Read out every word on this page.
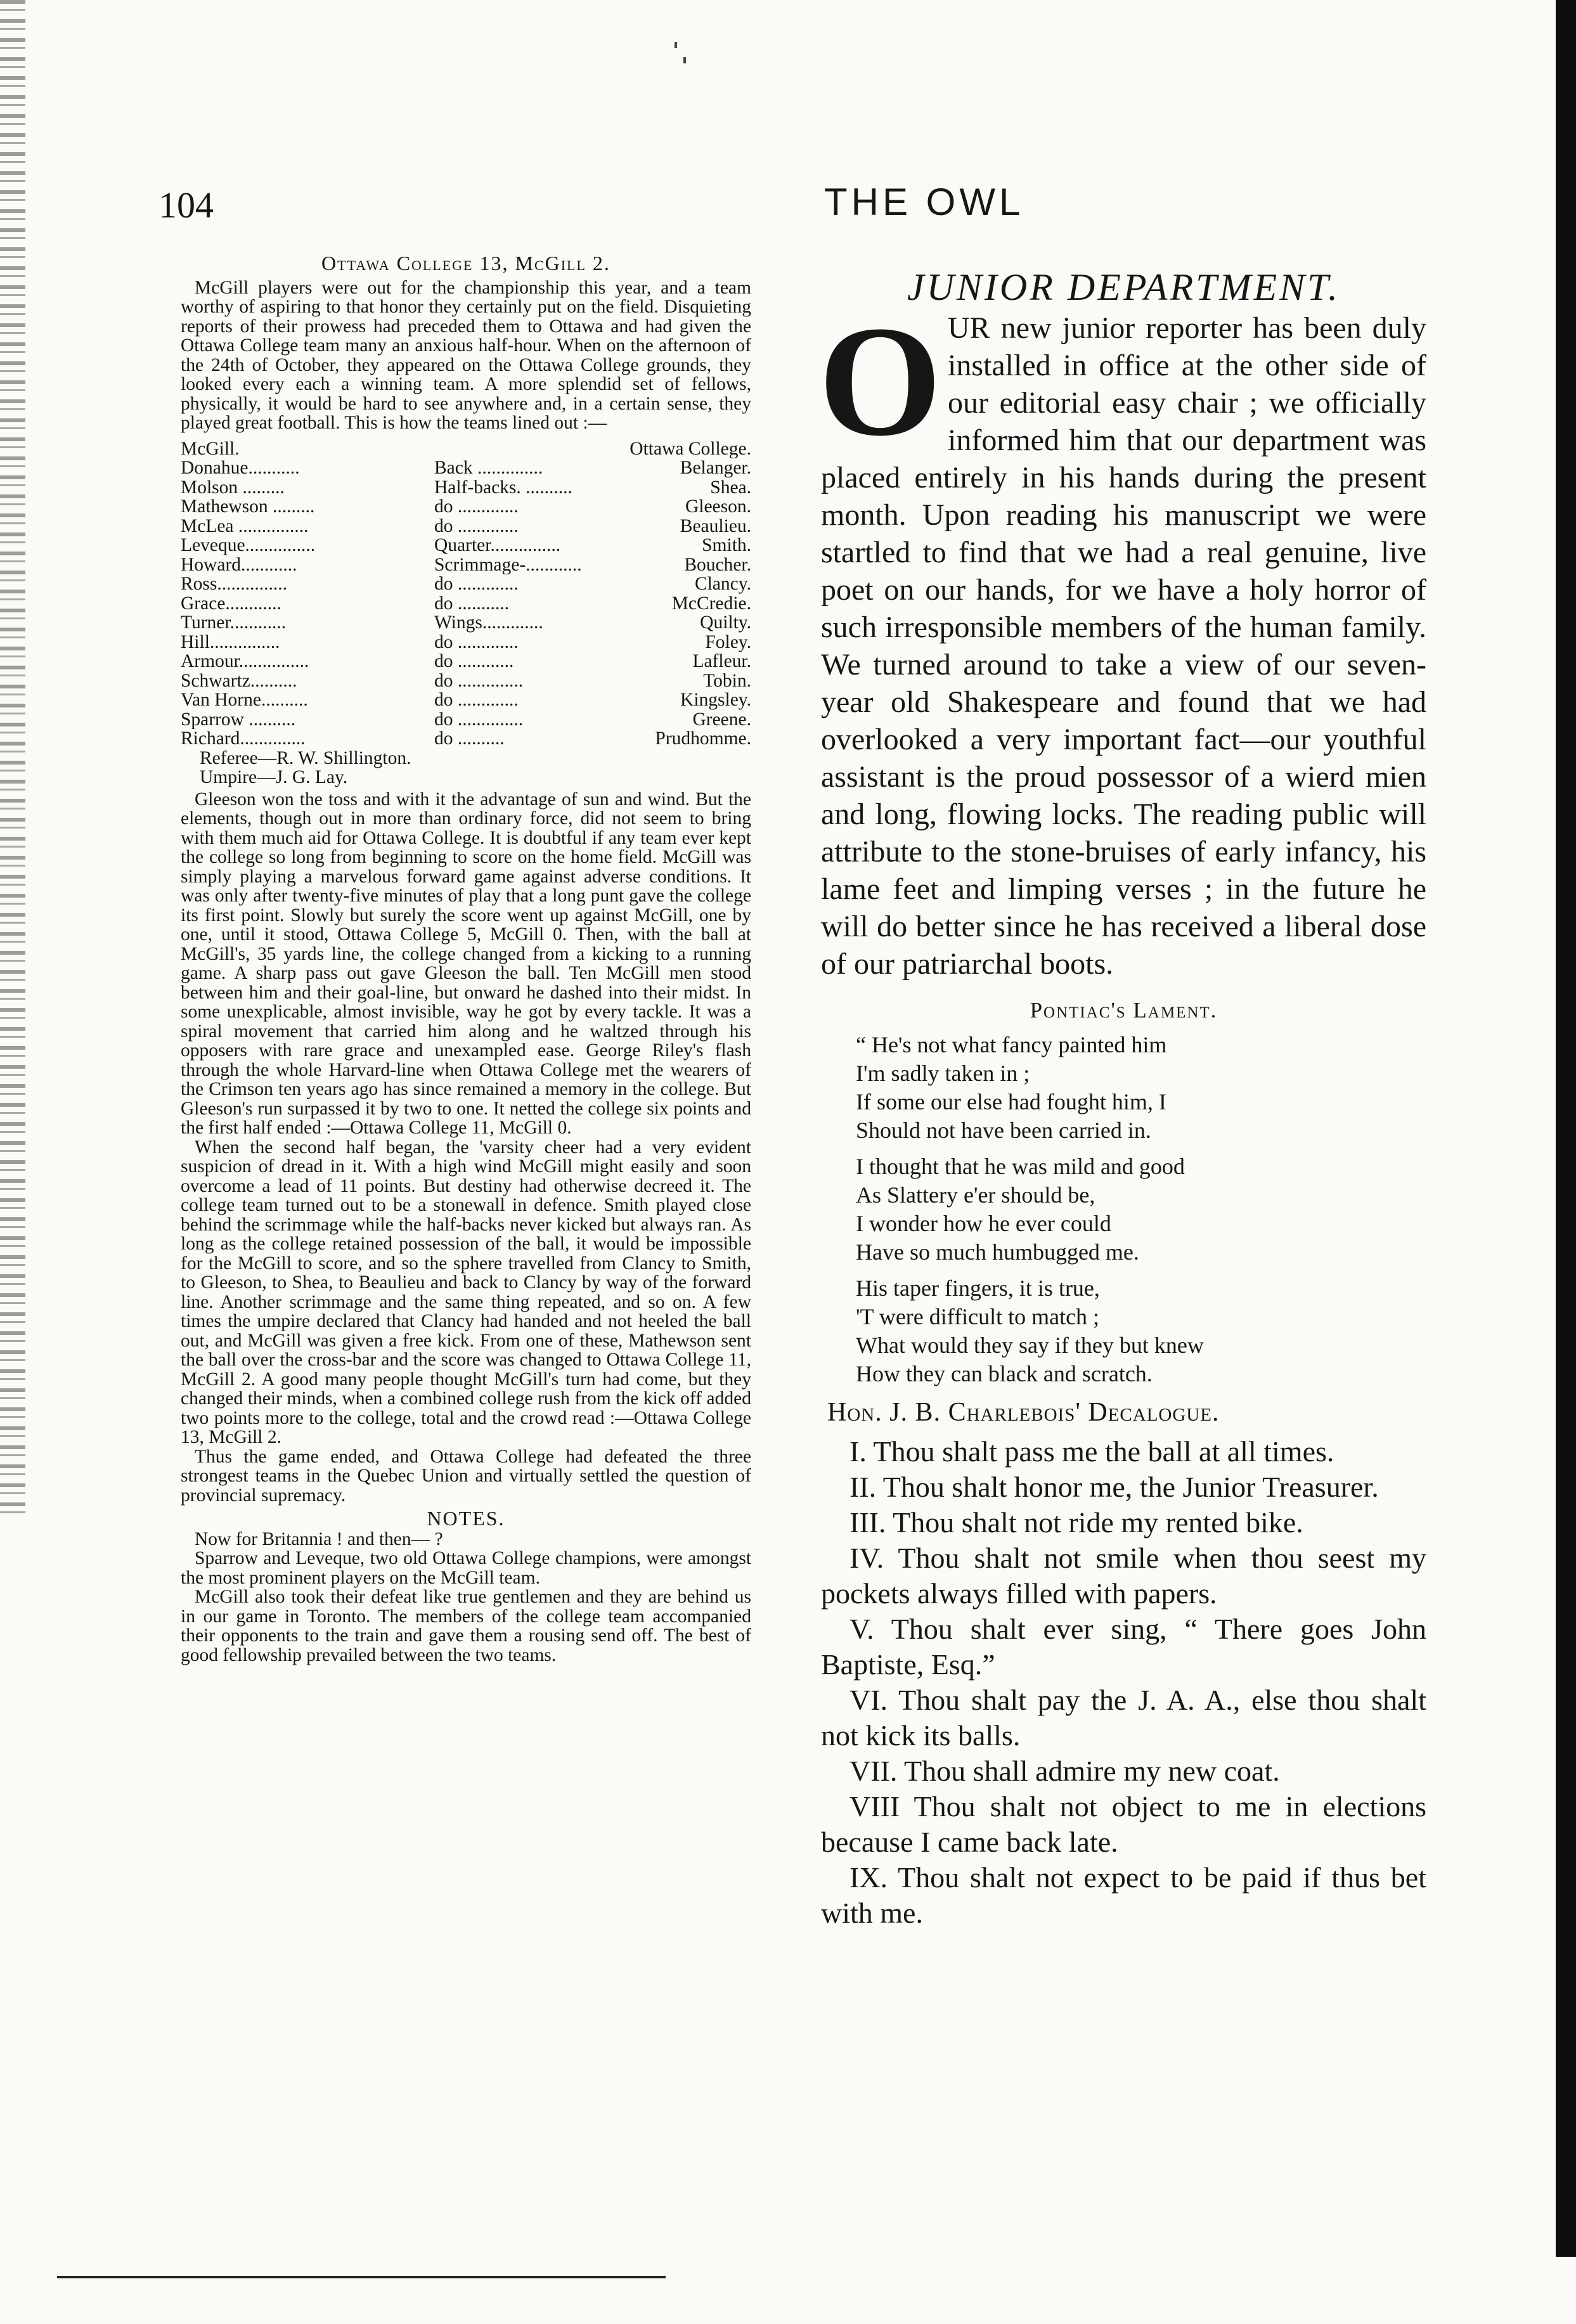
104	THE OWL

Ottawa College 13, McGill 2.

McGill players were out for the championship this year, and a team worthy of aspiring to that honor they certainly put on the field. Disquieting reports of their prowess had preceded them to Ottawa and had given the Ottawa College team many an anxious half-hour. When on the afternoon of the 24th of October, they appeared on the Ottawa College grounds, they looked every each a winning team. A more splendid set of fellows, physically, it would be hard to see anywhere and, in a certain sense, they played great football. This is how the teams lined out :—

McGill.	Ottawa College.
Donahue...........	Back ..............	Belanger.
Molson .........	Half-backs. ..........	Shea.
Mathewson .........	do .............	Gleeson.
McLea ...............	do .............	Beaulieu.
Leveque...............	Quarter...............	Smith.
Howard............	Scrimmage-............	Boucher.
Ross...............	do .............	Clancy.
Grace............	do ...........	McCredie.
Turner............	Wings.............	Quilty.
Hill...............	do .............	Foley.
Armour...............	do ............	Lafleur.
Schwartz..........	do ..............	Tobin.
Van Horne..........	do .............	Kingsley.
Sparrow ..........	do ..............	Greene.
Richard..............	do ..........	Prudhomme.
Referee—R. W. Shillington.
Umpire—J. G. Lay.

Gleeson won the toss and with it the advantage of sun and wind. But the elements, though out in more than ordinary force, did not seem to bring with them much aid for Ottawa College. It is doubtful if any team ever kept the college so long from beginning to score on the home field. McGill was simply playing a marvelous forward game against adverse conditions. It was only after twenty-five minutes of play that a long punt gave the college its first point. Slowly but surely the score went up against McGill, one by one, until it stood, Ottawa College 5, McGill 0. Then, with the ball at McGill's, 35 yards line, the college changed from a kicking to a running game. A sharp pass out gave Gleeson the ball. Ten McGill men stood between him and their goal-line, but onward he dashed into their midst. In some unexplicable, almost invisible, way he got by every tackle. It was a spiral movement that carried him along and he waltzed through his opposers with rare grace and unexampled ease. George Riley's flash through the whole Harvard-line when Ottawa College met the wearers of the Crimson ten years ago has since remained a memory in the college. But Gleeson's run surpassed it by two to one. It netted the college six points and the first half ended :—Ottawa College 11, McGill 0.

When the second half began, the 'varsity cheer had a very evident suspicion of dread in it. With a high wind McGill might easily and soon overcome a lead of 11 points. But destiny had otherwise decreed it. The college team turned out to be a stonewall in defence. Smith played close behind the scrimmage while the half-backs never kicked but always ran. As long as the college retained possession of the ball, it would be impossible for the McGill to score, and so the sphere travelled from Clancy to Smith, to Gleeson, to Shea, to Beaulieu and back to Clancy by way of the forward line. Another scrimmage and the same thing repeated, and so on. A few times the umpire declared that Clancy had handed and not heeled the ball out, and McGill was given a free kick. From one of these, Mathewson sent the ball over the cross-bar and the score was changed to Ottawa College 11, McGill 2. A good many people thought McGill's turn had come, but they changed their minds, when a combined college rush from the kick off added two points more to the college, total and the crowd read :—Ottawa College 13, McGill 2.

Thus the game ended, and Ottawa College had defeated the three strongest teams in the Quebec Union and virtually settled the question of provincial supremacy.

NOTES.

Now for Britannia ! and then— ?

Sparrow and Leveque, two old Ottawa College champions, were amongst the most prominent players on the McGill team.

McGill also took their defeat like true gentlemen and they are behind us in our game in Toronto. The members of the college team accompanied their opponents to the train and gave them a rousing send off. The best of good fellowship prevailed between the two teams.

JUNIOR DEPARTMENT.
O UR new junior reporter has been duly installed in office at the other side of our editorial easy chair ; we officially informed him that our department was placed entirely in his hands during the present month. Upon reading his manuscript we were startled to find that we had a real genuine, live poet on our hands, for we have a holy horror of such irresponsible members of the human family. We turned around to take a view of our seven-year old Shakespeare and found that we had overlooked a very important fact—our youthful assistant is the proud possessor of a wierd mien and long, flowing locks. The reading public will attribute to the stone-bruises of early infancy, his lame feet and limping verses ; in the future he will do better since he has received a liberal dose of our patriarchal boots.

Pontiac's Lament.
“ He's not what fancy painted him
I'm sadly taken in ;
If some our else had fought him, I
Should not have been carried in.
I thought that he was mild and good
As Slattery e'er should be,
I wonder how he ever could
Have so much humbugged me.
His taper fingers, it is true,
'T were difficult to match ;
What would they say if they but knew
How they can black and scratch.
Hon. J. B. Charlebois' Decalogue.

I. Thou shalt pass me the ball at all times.

II. Thou shalt honor me, the Junior Treasurer.

III. Thou shalt not ride my rented bike.

IV. Thou shalt not smile when thou seest my pockets always filled with papers.

V. Thou shalt ever sing, “ There goes John Baptiste, Esq.”

VI. Thou shalt pay the J. A. A., else thou shalt not kick its balls.

VII. Thou shall admire my new coat.

VIII Thou shalt not object to me in elections because I came back late.

IX. Thou shalt not expect to be paid if thus bet with me.
